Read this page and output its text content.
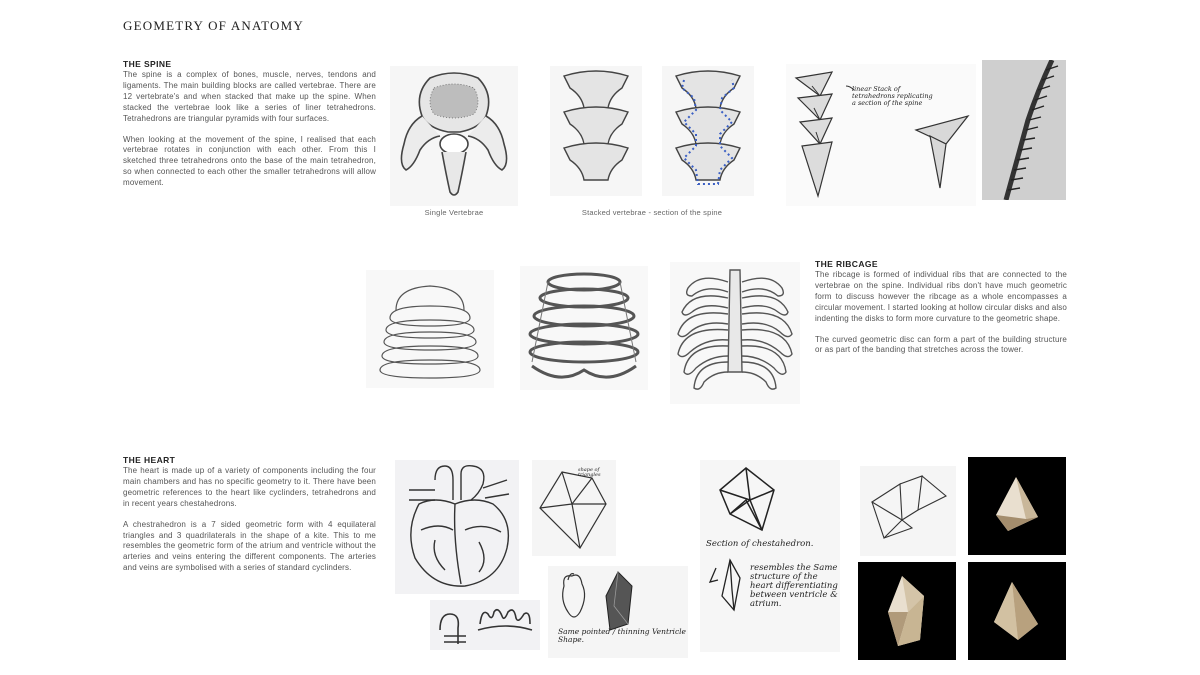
GEOMETRY OF ANATOMY
THE SPINE

The spine is a complex of bones, muscle, nerves, tendons and ligaments. The main building blocks are called vertebrae. There are 12 vertebrate's and when stacked that make up the spine. When stacked the vertebrae look like a series of liner tetrahedrons. Tetrahedrons are triangular pyramids with four surfaces.

When looking at the movement of the spine, I realised that each vertebrae rotates in conjunction with each other. From this I sketched three tetrahedrons onto the base of the main tetrahedron, so when connected to each other the smaller tetrahedrons will allow movement.

Single Vertebrae	Stacked vertebrae - section of the spine
linear Stack of tetrahedrons replicating a section of the spine
THE RIBCAGE

The ribcage is formed of individual ribs that are connected to the vertebrae on the spine. Individual ribs don't have much geometric form to discuss however the ribcage as a whole encompasses a circular movement. I started looking at hollow circular disks and also indenting the disks to form more curvature to the geometric shape.

The curved geometric disc can form a part of the building structure or as part of the banding that stretches across the tower.

THE HEART

The heart is made up of a variety of components including the four main chambers and has no specific geometry to it. There have been geometric references to the heart like cyclinders, tetrahedrons and in recent years chestahedrons.

A chestrahedron is a 7 sided geometric form with 4 equilateral triangles and 3 quadrilaterals in the shape of a kite. This to me resembles the geometric form of the atrium and ventricle without the arteries and veins entering the different components. The arteries and veins are symbolised with a series of standard cyclinders.

shape of triangles
Same pointed / thinning Ventricle Shape.
Section of chestahedron.
resembles the Same structure of the heart differentiating between ventricle & atrium.
